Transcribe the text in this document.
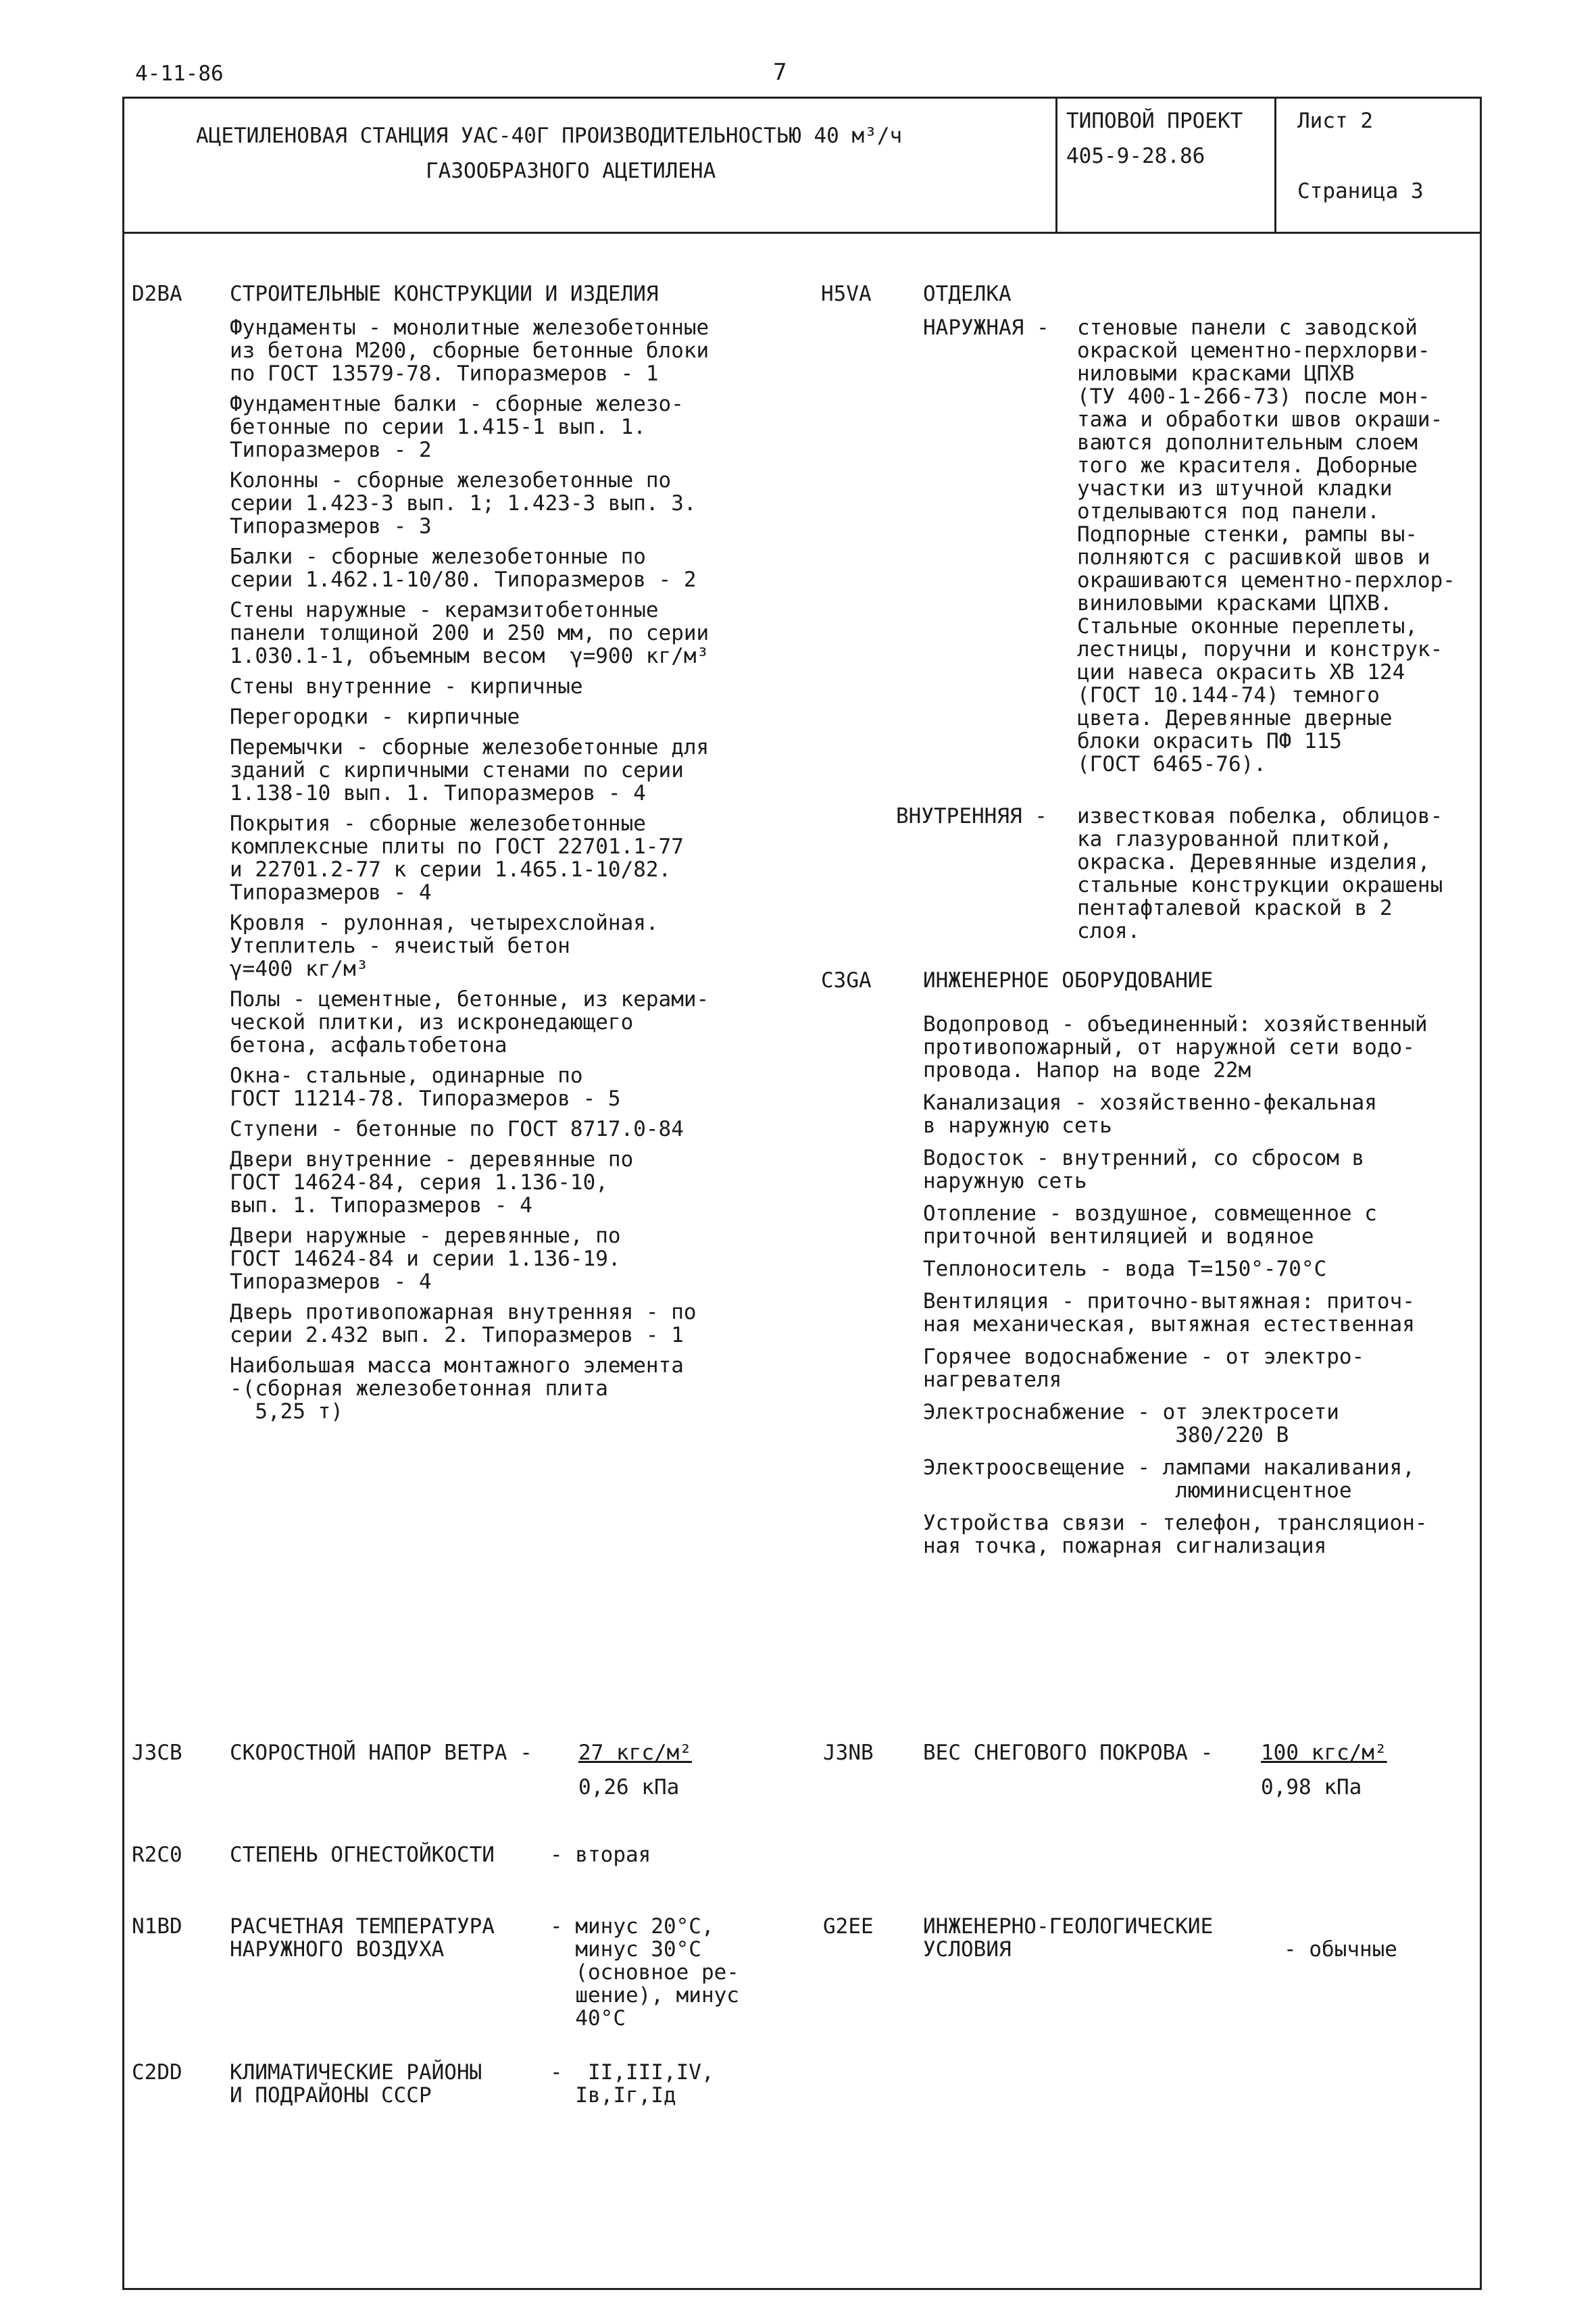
4-11-86	7
АЦЕТИЛЕНОВАЯ СТАНЦИЯ УАС-40Г ПРОИЗВОДИТЕЛЬНОСТЬЮ 40 м³/ч
ГАЗООБРАЗНОГО АЦЕТИЛЕНА
ТИПОВОЙ ПРОЕКТ
405-9-28.86
Лист 2
Страница 3
D2BA СТРОИТЕЛЬНЫЕ КОНСТРУКЦИИ И ИЗДЕЛИЯ
Фундаменты - монолитные железобетонные
из бетона М200, сборные бетонные блоки
по ГОСТ 13579-78. Типоразмеров - 1
Фундаментные балки - сборные железо-
бетонные по серии 1.415-1 вып. 1.
Типоразмеров - 2
Колонны - сборные железобетонные по
серии 1.423-3 вып. 1; 1.423-3 вып. 3.
Типоразмеров - 3
Балки - сборные железобетонные по
серии 1.462.1-10/80. Типоразмеров - 2
Стены наружные - керамзитобетонные
панели толщиной 200 и 250 мм, по серии
1.030.1-1, объемным весом  γ=900 кг/м³
Стены внутренние - кирпичные
Перегородки - кирпичные
Перемычки - сборные железобетонные для
зданий с кирпичными стенами по серии
1.138-10 вып. 1. Типоразмеров - 4
Покрытия - сборные железобетонные
комплексные плиты по ГОСТ 22701.1-77
и 22701.2-77 к серии 1.465.1-10/82.
Типоразмеров - 4
Кровля - рулонная, четырехслойная.
Утеплитель - ячеистый бетон
γ=400 кг/м³
Полы - цементные, бетонные, из керами-
ческой плитки, из искронедающего
бетона, асфальтобетона
Окна- стальные, одинарные по
ГОСТ 11214-78. Типоразмеров - 5
Ступени - бетонные по ГОСТ 8717.0-84
Двери внутренние - деревянные по
ГОСТ 14624-84, серия 1.136-10,
вып. 1. Типоразмеров - 4
Двери наружные - деревянные, по
ГОСТ 14624-84 и серии 1.136-19.
Типоразмеров - 4
Дверь противопожарная внутренняя - по
серии 2.432 вып. 2. Типоразмеров - 1
Наибольшая масса монтажного элемента
-(сборная железобетонная плита
5,25 т)
H5VA ОТДЕЛКА
НАРУЖНАЯ - стеновые панели с заводской
окраской цементно-перхлорви-
ниловыми красками ЦПХВ
(ТУ 400-1-266-73) после мон-
тажа и обработки швов окраши-
ваются дополнительным слоем
того же красителя. Доборные
участки из штучной кладки
отделываются под панели.
Подпорные стенки, рампы вы-
полняются с расшивкой швов и
окрашиваются цементно-перхлор-
виниловыми красками ЦПХВ.
Стальные оконные переплеты,
лестницы, поручни и конструк-
ции навеса окрасить ХВ 124
(ГОСТ 10.144-74) темного
цвета. Деревянные дверные
блоки окрасить ПФ 115
(ГОСТ 6465-76).
ВНУТРЕННЯЯ - известковая побелка, облицов-
ка глазурованной плиткой,
окраска. Деревянные изделия,
стальные конструкции окрашены
пентафталевой краской в 2
слоя.
C3GA ИНЖЕНЕРНОЕ ОБОРУДОВАНИЕ
Водопровод - объединенный: хозяйственный
противопожарный, от наружной сети водо-
провода. Напор на воде 22м
Канализация - хозяйственно-фекальная
в наружную сеть
Водосток - внутренний, со сбросом в
наружную сеть
Отопление - воздушное, совмещенное с
приточной вентиляцией и водяное
Теплоноситель - вода Т=150°-70°С
Вентиляция - приточно-вытяжная: приточ-
ная механическая, вытяжная естественная
Горячее водоснабжение - от электро-
нагревателя
Электроснабжение - от электросети
380/220 В
Электроосвещение - лампами накаливания,
люминисцентное
Устройства связи - телефон, трансляцион-
ная точка, пожарная сигнализация
J3CB СКОРОСТНОЙ НАПОР ВЕТРА - 27 кгс/м²
0,26 кПа
J3NB ВЕС СНЕГОВОГО ПОКРОВА - 100 кгс/м²
0,98 кПа
R2C0 СТЕПЕНЬ ОГНЕСТОЙКОСТИ	- вторая
N1BD РАСЧЕТНАЯ ТЕМПЕРАТУРА
НАРУЖНОГО ВОЗДУХА
- минус 20°С,
минус 30°С
(основное ре-
шение), минус
40°С
G2EE ИНЖЕНЕРНО-ГЕОЛОГИЧЕСКИЕ
УСЛОВИЯ	- обычные
C2DD КЛИМАТИЧЕСКИЕ РАЙОНЫ
И ПОДРАЙОНЫ СССР
-  II,III,IV,
Iв,Iг,Iд
